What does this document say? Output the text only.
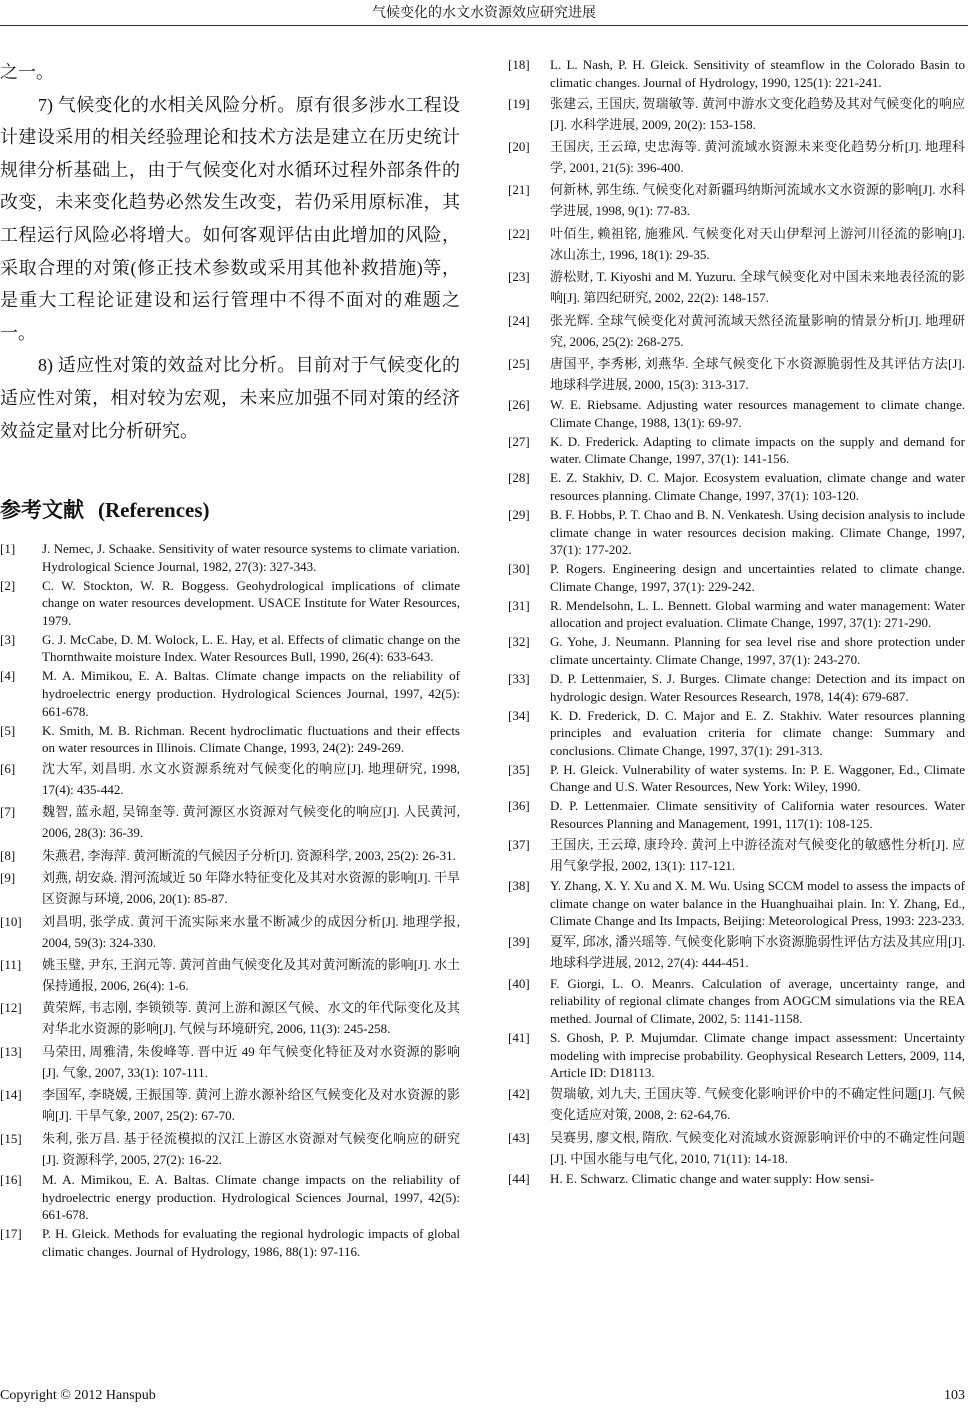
气候变化的水文水资源效应研究进展

之一。

7) 气候变化的水相关风险分析。原有很多涉水工程设计建设采用的相关经验理论和技术方法是建立在历史统计规律分析基础上，由于气候变化对水循环过程外部条件的改变，未来变化趋势必然发生改变，若仍采用原标准，其工程运行风险必将增大。如何客观评估由此增加的风险，采取合理的对策(修正技术参数或采用其他补救措施)等，是重大工程论证建设和运行管理中不得不面对的难题之一。

8) 适应性对策的效益对比分析。目前对于气候变化的适应性对策，相对较为宏观，未来应加强不同对策的经济效益定量对比分析研究。

参考文献 (References)
[1]	J. Nemec, J. Schaake. Sensitivity of water resource systems to climate variation. Hydrological Science Journal, 1982, 27(3): 327-343.
[2]	C. W. Stockton, W. R. Boggess. Geohydrological implications of climate change on water resources development. USACE Institute for Water Resources, 1979.
[3]	G. J. McCabe, D. M. Wolock, L. E. Hay, et al. Effects of climatic change on the Thornthwaite moisture Index. Water Resources Bull, 1990, 26(4): 633-643.
[4]	M. A. Mimikou, E. A. Baltas. Climate change impacts on the reliability of hydroelectric energy production. Hydrological Sciences Journal, 1997, 42(5): 661-678.
[5]	K. Smith, M. B. Richman. Recent hydroclimatic fluctuations and their effects on water resources in Illinois. Climate Change, 1993, 24(2): 249-269.
[6]	沈大军, 刘昌明. 水文水资源系统对气候变化的响应[J]. 地理研究, 1998, 17(4): 435-442.
[7]	魏智, 蓝永超, 吴锦奎等. 黄河源区水资源对气候变化的响应[J]. 人民黄河, 2006, 28(3): 36-39.
[8]	朱燕君, 李海萍. 黄河断流的气候因子分析[J]. 资源科学, 2003, 25(2): 26-31.
[9]	刘燕, 胡安焱. 渭河流域近 50 年降水特征变化及其对水资源的影响[J]. 干旱区资源与环境, 2006, 20(1): 85-87.
[10]	刘昌明, 张学成. 黄河干流实际来水量不断减少的成因分析[J]. 地理学报, 2004, 59(3): 324-330.
[11]	姚玉璧, 尹东, 王润元等. 黄河首曲气候变化及其对黄河断流的影响[J]. 水土保持通报, 2006, 26(4): 1-6.
[12]	黄荣辉, 韦志刚, 李锁锁等. 黄河上游和源区气候、水文的年代际变化及其对华北水资源的影响[J]. 气候与环境研究, 2006, 11(3): 245-258.
[13]	马荣田, 周雅清, 朱俊峰等. 晋中近 49 年气候变化特征及对水资源的影响[J]. 气象, 2007, 33(1): 107-111.
[14]	李国军, 李晓媛, 王振国等. 黄河上游水源补给区气候变化及对水资源的影响[J]. 干旱气象, 2007, 25(2): 67-70.
[15]	朱利, 张万昌. 基于径流模拟的汉江上游区水资源对气候变化响应的研究[J]. 资源科学, 2005, 27(2): 16-22.
[16]	M. A. Mimikou, E. A. Baltas. Climate change impacts on the reliability of hydroelectric energy production. Hydrological Sciences Journal, 1997, 42(5): 661-678.
[17]	P. H. Gleick. Methods for evaluating the regional hydrologic impacts of global climatic changes. Journal of Hydrology, 1986, 88(1): 97-116.
[18]	L. L. Nash, P. H. Gleick. Sensitivity of steamflow in the Colorado Basin to climatic changes. Journal of Hydrology, 1990, 125(1): 221-241.
[19]	张建云, 王国庆, 贺瑞敏等. 黄河中游水文变化趋势及其对气候变化的响应[J]. 水科学进展, 2009, 20(2): 153-158.
[20]	王国庆, 王云璋, 史忠海等. 黄河流域水资源未来变化趋势分析[J]. 地理科学, 2001, 21(5): 396-400.
[21]	何新林, 郭生练. 气候变化对新疆玛纳斯河流域水文水资源的影响[J]. 水科学进展, 1998, 9(1): 77-83.
[22]	叶佰生, 赖祖铭, 施雅风. 气候变化对天山伊犁河上游河川径流的影响[J]. 冰山冻土, 1996, 18(1): 29-35.
[23]	游松财, T. Kiyoshi and M. Yuzuru. 全球气候变化对中国未来地表径流的影响[J]. 第四纪研究, 2002, 22(2): 148-157.
[24]	张光辉. 全球气候变化对黄河流域天然径流量影响的情景分析[J]. 地理研究, 2006, 25(2): 268-275.
[25]	唐国平, 李秀彬, 刘燕华. 全球气候变化下水资源脆弱性及其评估方法[J]. 地球科学进展, 2000, 15(3): 313-317.
[26]	W. E. Riebsame. Adjusting water resources management to climate change. Climate Change, 1988, 13(1): 69-97.
[27]	K. D. Frederick. Adapting to climate impacts on the supply and demand for water. Climate Change, 1997, 37(1): 141-156.
[28]	E. Z. Stakhiv, D. C. Major. Ecosystem evaluation, climate change and water resources planning. Climate Change, 1997, 37(1): 103-120.
[29]	B. F. Hobbs, P. T. Chao and B. N. Venkatesh. Using decision analysis to include climate change in water resources decision making. Climate Change, 1997, 37(1): 177-202.
[30]	P. Rogers. Engineering design and uncertainties related to climate change. Climate Change, 1997, 37(1): 229-242.
[31]	R. Mendelsohn, L. L. Bennett. Global warming and water management: Water allocation and project evaluation. Climate Change, 1997, 37(1): 271-290.
[32]	G. Yohe, J. Neumann. Planning for sea level rise and shore protection under climate uncertainty. Climate Change, 1997, 37(1): 243-270.
[33]	D. P. Lettenmaier, S. J. Burges. Climate change: Detection and its impact on hydrologic design. Water Resources Research, 1978, 14(4): 679-687.
[34]	K. D. Frederick, D. C. Major and E. Z. Stakhiv. Water resources planning principles and evaluation criteria for climate change: Summary and conclusions. Climate Change, 1997, 37(1): 291-313.
[35]	P. H. Gleick. Vulnerability of water systems. In: P. E. Waggoner, Ed., Climate Change and U.S. Water Resources, New York: Wiley, 1990.
[36]	D. P. Lettenmaier. Climate sensitivity of California water resources. Water Resources Planning and Management, 1991, 117(1): 108-125.
[37]	王国庆, 王云璋, 康玲玲. 黄河上中游径流对气候变化的敏感性分析[J]. 应用气象学报, 2002, 13(1): 117-121.
[38]	Y. Zhang, X. Y. Xu and X. M. Wu. Using SCCM model to assess the impacts of climate change on water balance in the Huanghuaihai plain. In: Y. Zhang, Ed., Climate Change and Its Impacts, Beijing: Meteorological Press, 1993: 223-233.
[39]	夏军, 邱冰, 潘兴瑶等. 气候变化影响下水资源脆弱性评估方法及其应用[J]. 地球科学进展, 2012, 27(4): 444-451.
[40]	F. Giorgi, L. O. Meanrs. Calculation of average, uncertainty range, and reliability of regional climate changes from AOGCM simulations via the REA methed. Journal of Climate, 2002, 5: 1141-1158.
[41]	S. Ghosh, P. P. Mujumdar. Climate change impact assessment: Uncertainty modeling with imprecise probability. Geophysical Research Letters, 2009, 114, Article ID: D18113.
[42]	贺瑞敏, 刘九夫, 王国庆等. 气候变化影响评价中的不确定性问题[J]. 气候变化适应对策, 2008, 2: 62-64,76.
[43]	吴赛男, 廖文根, 隋欣. 气候变化对流域水资源影响评价中的不确定性问题[J]. 中国水能与电气化, 2010, 71(11): 14-18.
[44]	H. E. Schwarz. Climatic change and water supply: How sensi-
Copyright © 2012 Hanspub	103
